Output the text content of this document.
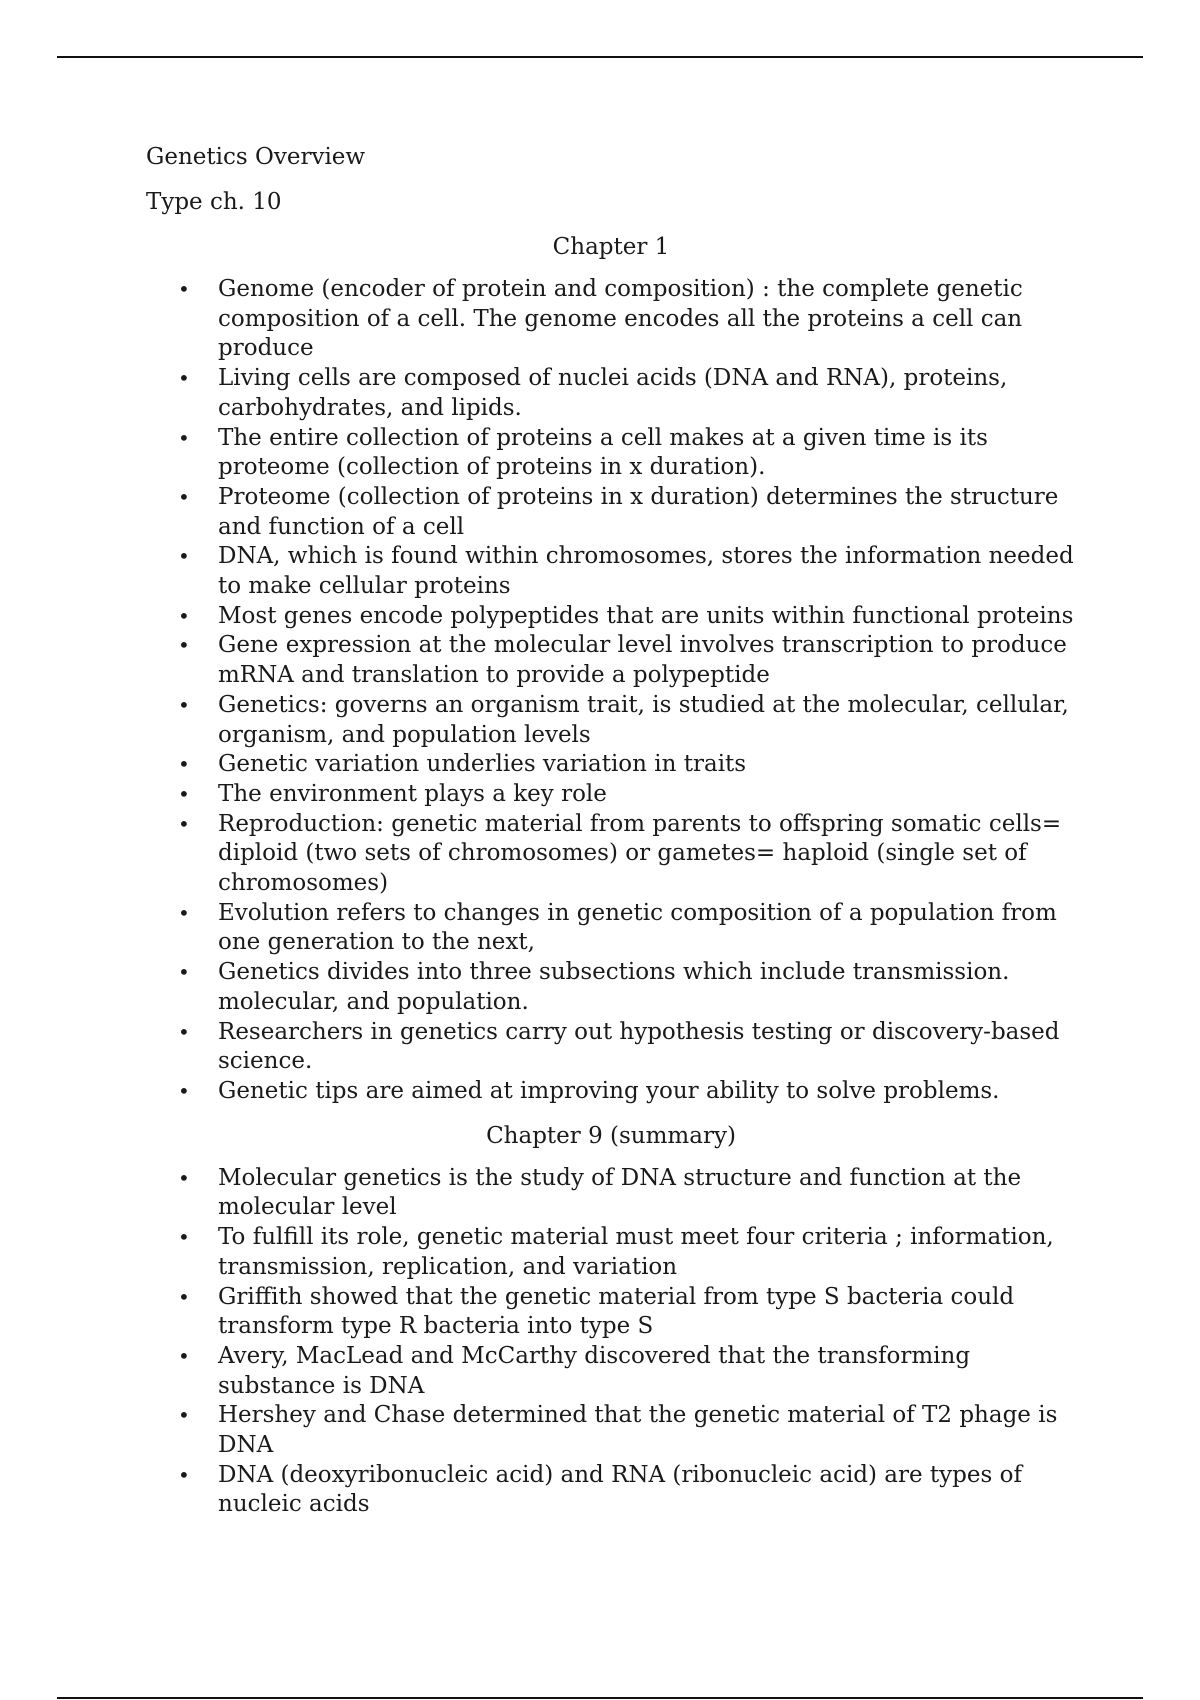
Genetics Overview

Type ch. 10

Chapter 1

• Genome (encoder of protein and composition) : the complete genetic composition of a cell. The genome encodes all the proteins a cell can produce
• Living cells are composed of nuclei acids (DNA and RNA), proteins, carbohydrates, and lipids.
• The entire collection of proteins a cell makes at a given time is its proteome (collection of proteins in x duration).
• Proteome (collection of proteins in x duration) determines the structure and function of a cell
• DNA, which is found within chromosomes, stores the information needed to make cellular proteins
• Most genes encode polypeptides that are units within functional proteins
• Gene expression at the molecular level involves transcription to produce mRNA and translation to provide a polypeptide
• Genetics: governs an organism trait, is studied at the molecular, cellular, organism, and population levels
• Genetic variation underlies variation in traits
• The environment plays a key role
• Reproduction: genetic material from parents to offspring somatic cells= diploid (two sets of chromosomes) or gametes= haploid (single set of chromosomes)
• Evolution refers to changes in genetic composition of a population from one generation to the next,
• Genetics divides into three subsections which include transmission. molecular, and population.
• Researchers in genetics carry out hypothesis testing or discovery-based science.
• Genetic tips are aimed at improving your ability to solve problems.

Chapter 9 (summary)

• Molecular genetics is the study of DNA structure and function at the molecular level
• To fulfill its role, genetic material must meet four criteria ; information, transmission, replication, and variation
• Griffith showed that the genetic material from type S bacteria could transform type R bacteria into type S
• Avery, MacLead and McCarthy discovered that the transforming substance is DNA
• Hershey and Chase determined that the genetic material of T2 phage is DNA
• DNA (deoxyribonucleic acid) and RNA (ribonucleic acid) are types of nucleic acids
